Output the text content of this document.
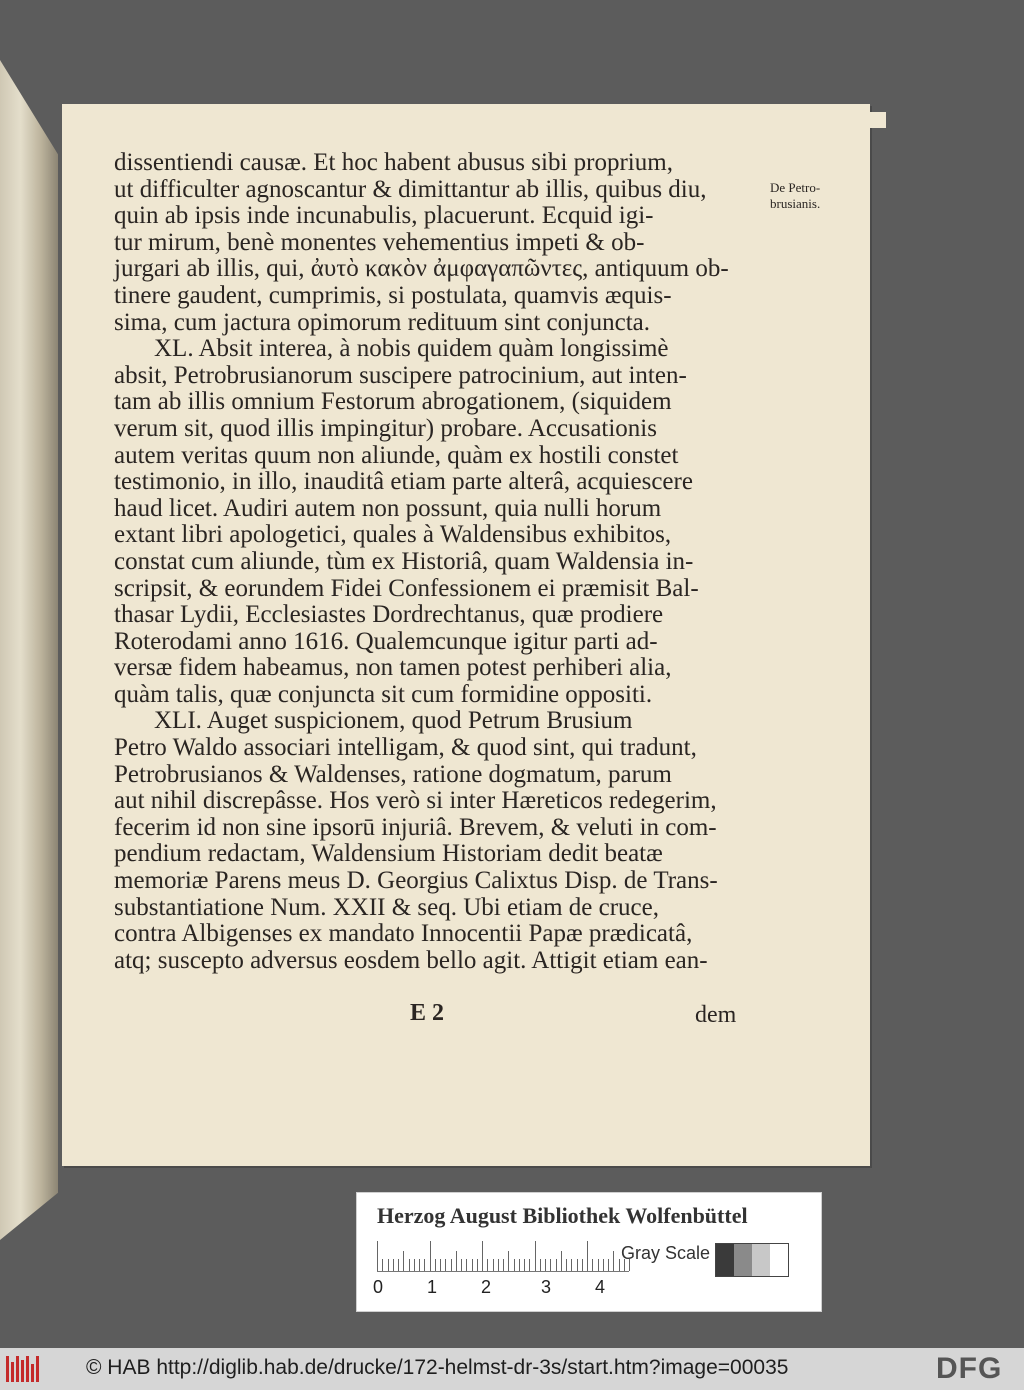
dissentiendi causæ. Et hoc habent abusus sibi proprium,

ut difficulter agnoscantur & dimittantur ab illis, quibus diu,

quin ab ipsis inde incunabulis, placuerunt. Ecquid igi-

tur mirum, benè monentes vehementius impeti & ob-

jurgari ab illis, qui, ἀυτὸ κακὸν ἀμφαγαπῶντες, antiquum ob-

tinere gaudent, cumprimis, si postulata, quamvis æquis-

sima, cum jactura opimorum redituum sint conjuncta.

XL. Absit interea, à nobis quidem quàm longissimè

absit, Petrobrusianorum suscipere patrocinium, aut inten-

tam ab illis omnium Festorum abrogationem, (siquidem

verum sit, quod illis impingitur) probare. Accusationis

autem veritas quum non aliunde, quàm ex hostili constet

testimonio, in illo, inauditâ etiam parte alterâ, acquiescere

haud licet. Audiri autem non possunt, quia nulli horum

extant libri apologetici, quales à Waldensibus exhibitos,

constat cum aliunde, tùm ex Historiâ, quam Waldensia in-

scripsit, & eorundem Fidei Confessionem ei præmisit Bal-

thasar Lydii, Ecclesiastes Dordrechtanus, quæ prodiere

Roterodami anno 1616. Qualemcunque igitur parti ad-

versæ fidem habeamus, non tamen potest perhiberi alia,

quàm talis, quæ conjuncta sit cum formidine oppositi.

XLI. Auget suspicionem, quod Petrum Brusium

Petro Waldo associari intelligam, & quod sint, qui tradunt,

Petrobrusianos & Waldenses, ratione dogmatum, parum

aut nihil discrepâsse. Hos verò si inter Hæreticos redegerim,

fecerim id non sine ipsorū injuriâ. Brevem, & veluti in com-

pendium redactam, Waldensium Historiam dedit beatæ

memoriæ Parens meus D. Georgius Calixtus Disp. de Trans-

substantiatione Num. XXII & seq. Ubi etiam de cruce,

contra Albigenses ex mandato Innocentii Papæ prædicatâ,

atq; suscepto adversus eosdem bello agit. Attigit etiam ean-

De Petro-
brusianis.
E 2	dem
Herzog August Bibliothek Wolfenbüttel
0 1 2	3 4
Gray Scale
© HAB http://diglib.hab.de/drucke/172-helmst-dr-3s/start.htm?image=00035	DFG
